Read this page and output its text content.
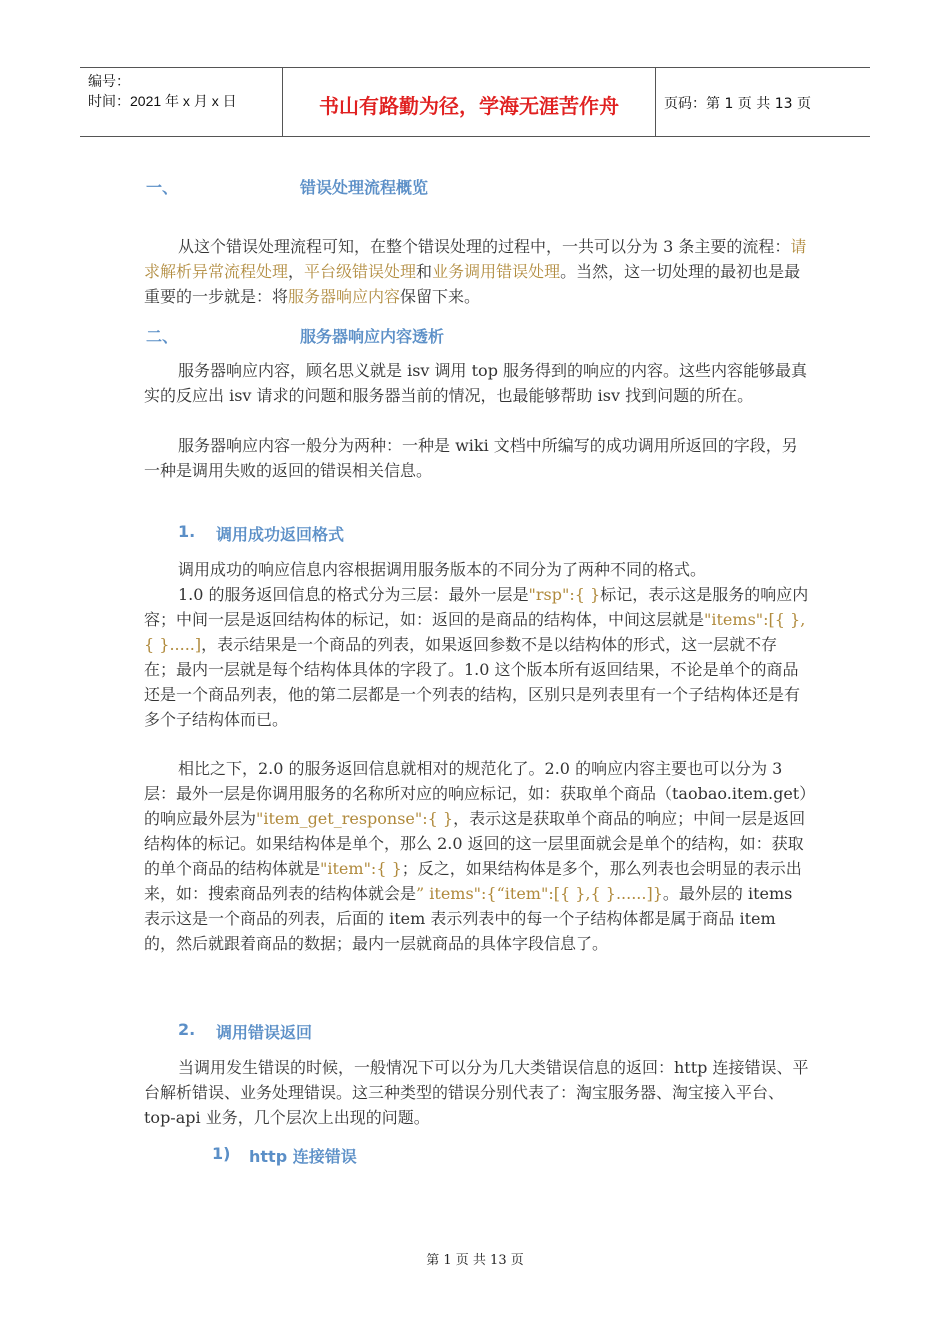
编号：
时间：2021 年 x 月 x 日	书山有路勤为径，学海无涯苦作舟	页码：第 1 页 共 13 页
一、	错误处理流程概览
从这个错误处理流程可知，在整个错误处理的过程中，一共可以分为 3 条主要的流程：请求解析异常流程处理，平台级错误处理和业务调用错误处理。当然，这一切处理的最初也是最重要的一步就是：将服务器响应内容保留下来。
二、	服务器响应内容透析
服务器响应内容，顾名思义就是 isv 调用 top 服务得到的响应的内容。这些内容能够最真实的反应出 isv 请求的问题和服务器当前的情况，也最能够帮助 isv 找到问题的所在。
服务器响应内容一般分为两种：一种是 wiki 文档中所编写的成功调用所返回的字段，另一种是调用失败的返回的错误相关信息。
1. 调用成功返回格式
调用成功的响应信息内容根据调用服务版本的不同分为了两种不同的格式。
1.0 的服务返回信息的格式分为三层：最外一层是"rsp":{ }标记，表示这是服务的响应内容；中间一层是返回结构体的标记，如：返回的是商品的结构体，中间这层就是"items":[{ },{ }.....]，表示结果是一个商品的列表，如果返回参数不是以结构体的形式，这一层就不存在；最内一层就是每个结构体具体的字段了。1.0 这个版本所有返回结果，不论是单个的商品还是一个商品列表，他的第二层都是一个列表的结构，区别只是列表里有一个子结构体还是有多个子结构体而已。
相比之下，2.0 的服务返回信息就相对的规范化了。2.0 的响应内容主要也可以分为 3 层：最外一层是你调用服务的名称所对应的响应标记，如：获取单个商品（taobao.item.get）的响应最外层为"item_get_response":{ }，表示这是获取单个商品的响应；中间一层是返回结构体的标记。如果结构体是单个，那么 2.0 返回的这一层里面就会是单个的结构，如：获取的单个商品的结构体就是"item":{ }；反之，如果结构体是多个，那么列表也会明显的表示出来，如：搜索商品列表的结构体就会是” items":{“item":[{ },{ }......]}。最外层的 items 表示这是一个商品的列表，后面的 item 表示列表中的每一个子结构体都是属于商品 item 的，然后就跟着商品的数据；最内一层就商品的具体字段信息了。
2. 调用错误返回
当调用发生错误的时候，一般情况下可以分为几大类错误信息的返回：http 连接错误、平台解析错误、业务处理错误。这三种类型的错误分别代表了：淘宝服务器、淘宝接入平台、top-api 业务，几个层次上出现的问题。
1) http 连接错误
第 1 页 共 13 页
